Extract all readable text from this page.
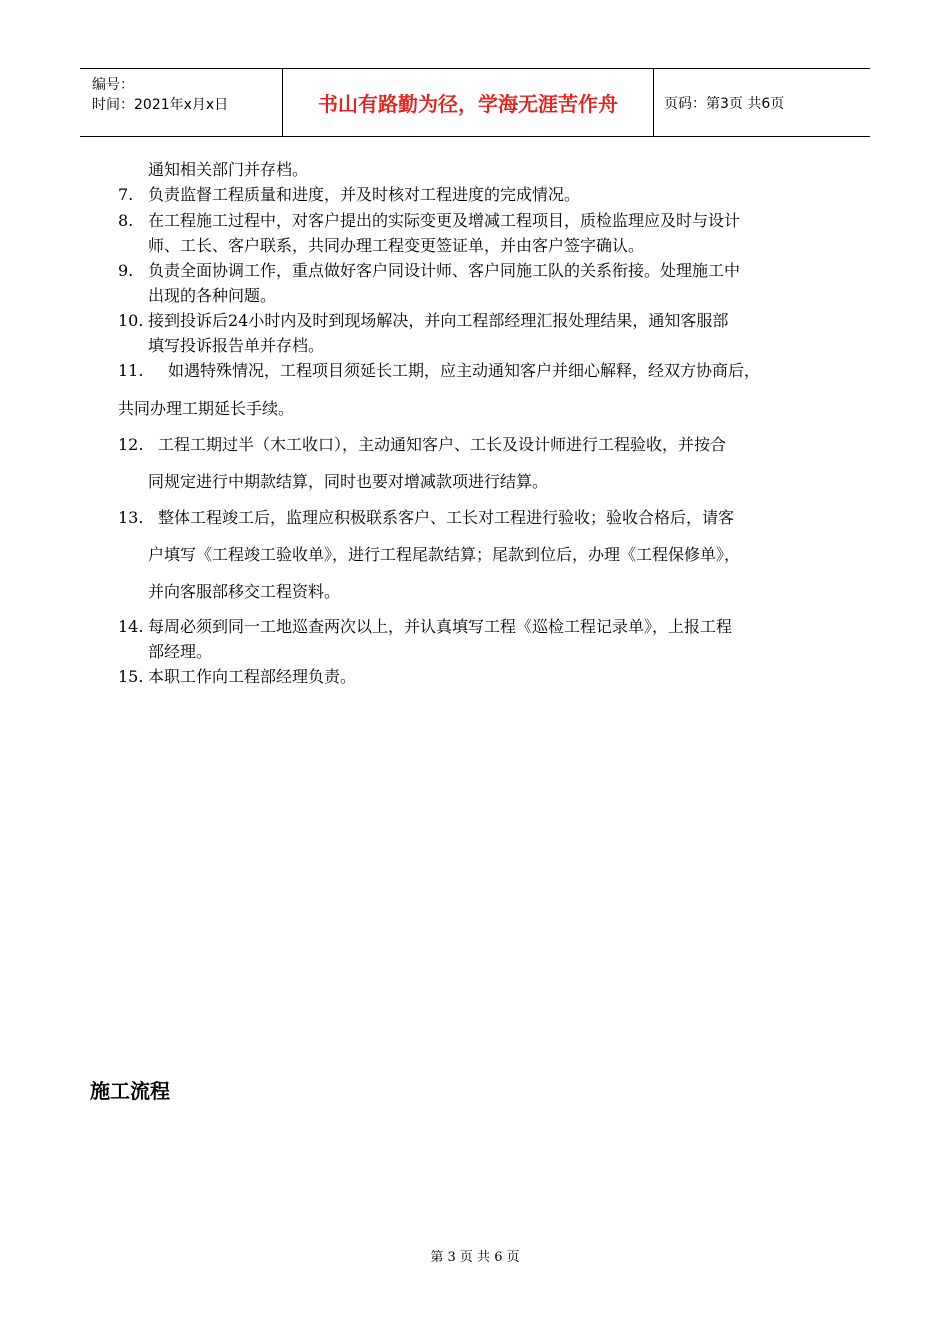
编号：
时间：2021年x月x日	书山有路勤为径，学海无涯苦作舟	页码：第3页 共6页
通知相关部门并存档。
7. 负责监督工程质量和进度，并及时核对工程进度的完成情况。
8. 在工程施工过程中，对客户提出的实际变更及增减工程项目，质检监理应及时与设计
师、工长、客户联系，共同办理工程变更签证单，并由客户签字确认。
9. 负责全面协调工作，重点做好客户同设计师、客户同施工队的关系衔接。处理施工中
出现的各种问题。
10. 接到投诉后24小时内及时到现场解决，并向工程部经理汇报处理结果，通知客服部
填写投诉报告单并存档。
11. 如遇特殊情况，工程项目须延长工期，应主动通知客户并细心解释，经双方协商后，
共同办理工期延长手续。
12. 工程工期过半（木工收口），主动通知客户、工长及设计师进行工程验收，并按合
同规定进行中期款结算，同时也要对增减款项进行结算。
13. 整体工程竣工后，监理应积极联系客户、工长对工程进行验收；验收合格后，请客
户填写《工程竣工验收单》，进行工程尾款结算；尾款到位后，办理《工程保修单》，
并向客服部移交工程资料。
14. 每周必须到同一工地巡查两次以上，并认真填写工程《巡检工程记录单》，上报工程
部经理。
15. 本职工作向工程部经理负责。
施工流程
第 3 页 共 6 页
